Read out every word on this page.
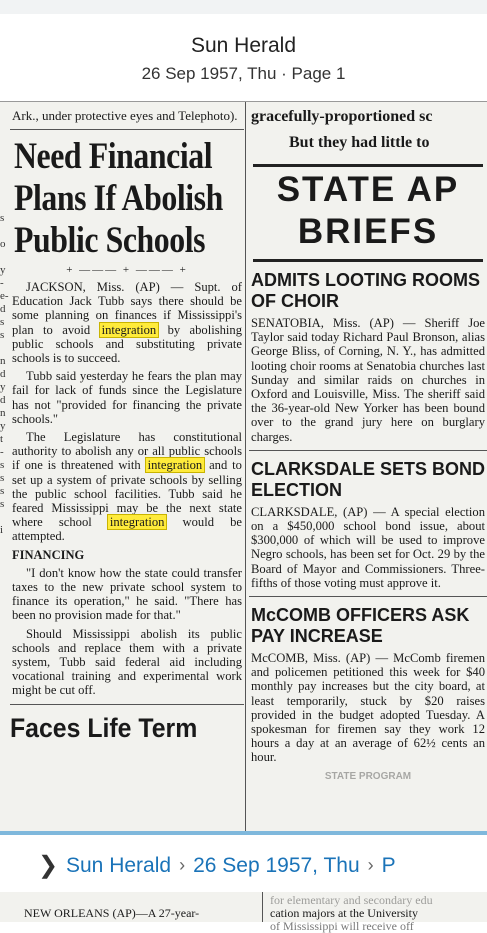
Sun Herald
26 Sep 1957, Thu · Page 1
s

o

y
-
e-
d
s
s

n
d
y
d
n
y
t
-
s
s
s
s

i
Ark., under protective eyes and Telephoto).
Need Financial
Plans If Abolish
Public Schools
+ ——— + ——— +

JACKSON, Miss. (AP) — Supt. of Education Jack Tubb says there should be some planning on finances if Mississippi's plan to avoid integration by abolishing public schools and substituting private schools is to succeed.

Tubb said yesterday he fears the plan may fail for lack of funds since the Legislature has not "provided for financing the private schools."

The Legislature has constitutional authority to abolish any or all public schools if one is threatened with integration and to set up a system of private schools by selling the public school facilities. Tubb said he feared Mississippi may be the next state where school integration would be attempted.

FINANCING

"I don't know how the state could transfer taxes to the new private school system to finance its operation," he said. "There has been no provision made for that."

Should Mississippi abolish its public schools and replace them with a private system, Tubb said federal aid including vocational training and experimental work might be cut off.

Faces Life Term
gracefully-proportioned sc
But they had little to
STATE AP
BRIEFS
ADMITS LOOTING ROOMS OF CHOIR
SENATOBIA, Miss. (AP) — Sheriff Joe Taylor said today Richard Paul Bronson, alias George Bliss, of Corning, N. Y., has admitted looting choir rooms at Senatobia churches last Sunday and similar raids on churches in Oxford and Louisville, Miss. The sheriff said the 36-year-old New Yorker has been bound over to the grand jury here on burglary charges.
CLARKSDALE SETS BOND ELECTION
CLARKSDALE, (AP) — A special election on a $450,000 school bond issue, about $300,000 of which will be used to improve Negro schools, has been set for Oct. 29 by the Board of Mayor and Commissioners. Three-fifths of those voting must approve it.
McCOMB OFFICERS ASK PAY INCREASE
McCOMB, Miss. (AP) — McComb firemen and policemen petitioned this week for $40 monthly pay increases but the city board, at least temporarily, stuck by $20 raises provided in the budget adopted Tuesday. A spokesman for firemen say they work 12 hours a day at an average of 62½ cents an hour.
STATE PROGRAM
❯ Sun Herald › 26 Sep 1957, Thu › P
NEW ORLEANS (AP)—A 27-year-
for elementary and secondary edu
cation majors at the University
of Mississippi will receive off
